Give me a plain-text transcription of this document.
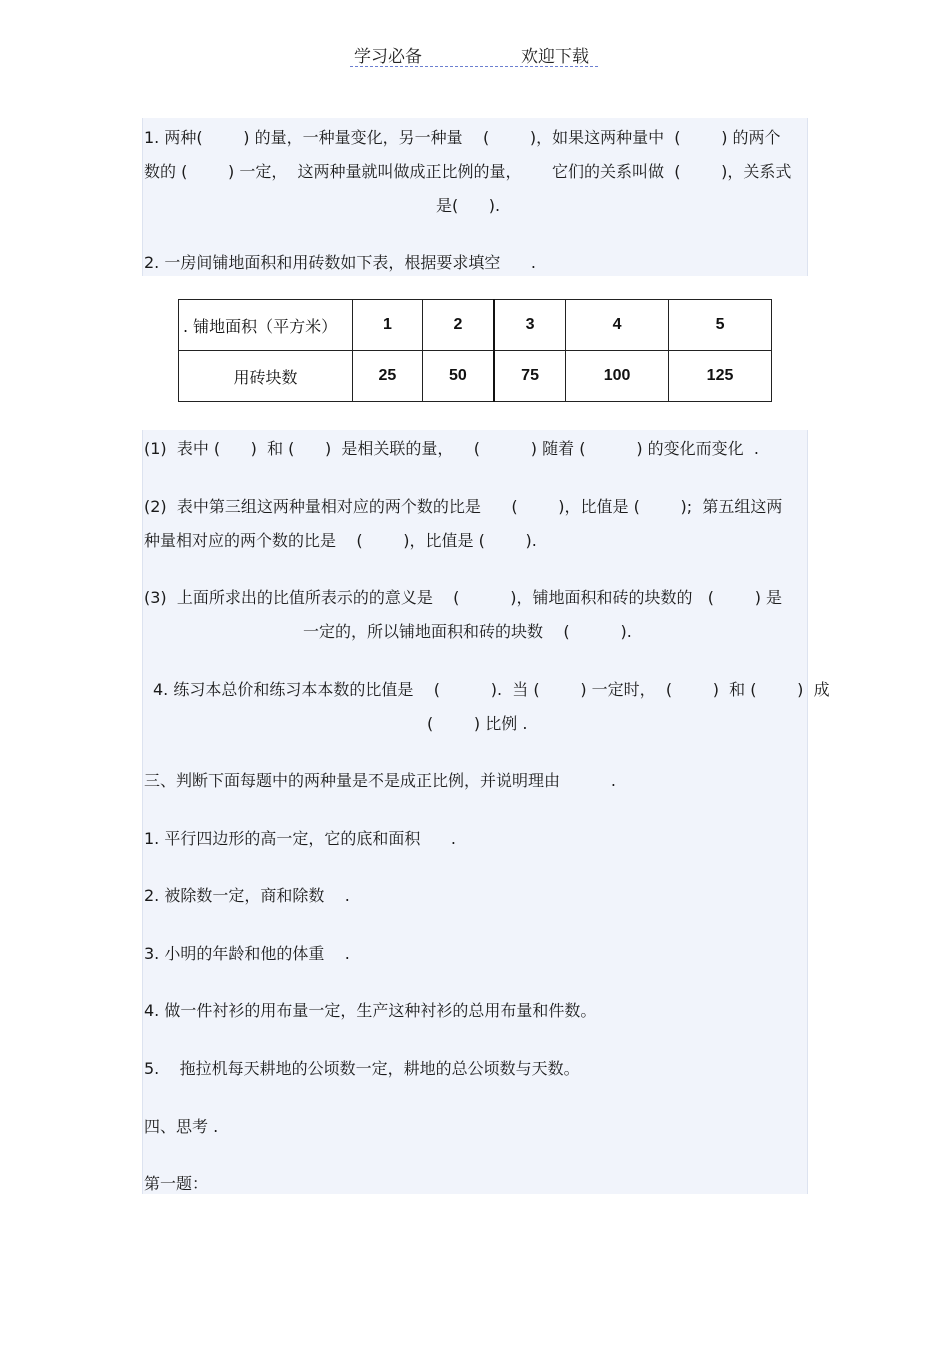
学习必备	欢迎下载
1. 两种(        ) 的量，一种量变化，另一种量    (        )，如果这两种量中  (        ) 的两个
数的 (        ) 一定，  这两种量就叫做成正比例的量，      它们的关系叫做  (        )，关系式
是(      ).
2. 一房间铺地面积和用砖数如下表，根据要求填空      .
. 铺地面积（平方米）	1	2	3	4	5
用砖块数	25	50	75	100	125
(1)  表中 (      )  和 (      )  是相关联的量，    (          ) 随着 (          ) 的变化而变化  .
(2)  表中第三组这两种量相对应的两个数的比是      (        )，比值是 (        );  第五组这两
种量相对应的两个数的比是    (        )，比值是 (        ).
(3)  上面所求出的比值所表示的的意义是    (          )，铺地面积和砖的块数的   (        ) 是
一定的，所以铺地面积和砖的块数    (          ).
4. 练习本总价和练习本本数的比值是    (          ).  当 (        ) 一定时，  (        )  和 (        )  成
(        ) 比例 .
三、判断下面每题中的两种量是不是成正比例，并说明理由          .
1. 平行四边形的高一定，它的底和面积      .
2. 被除数一定，商和除数    .
3. 小明的年龄和他的体重    .
4. 做一件衬衫的用布量一定，生产这种衬衫的总用布量和件数。
5.    拖拉机每天耕地的公顷数一定，耕地的总公顷数与天数。
四、思考 .
第一题：
